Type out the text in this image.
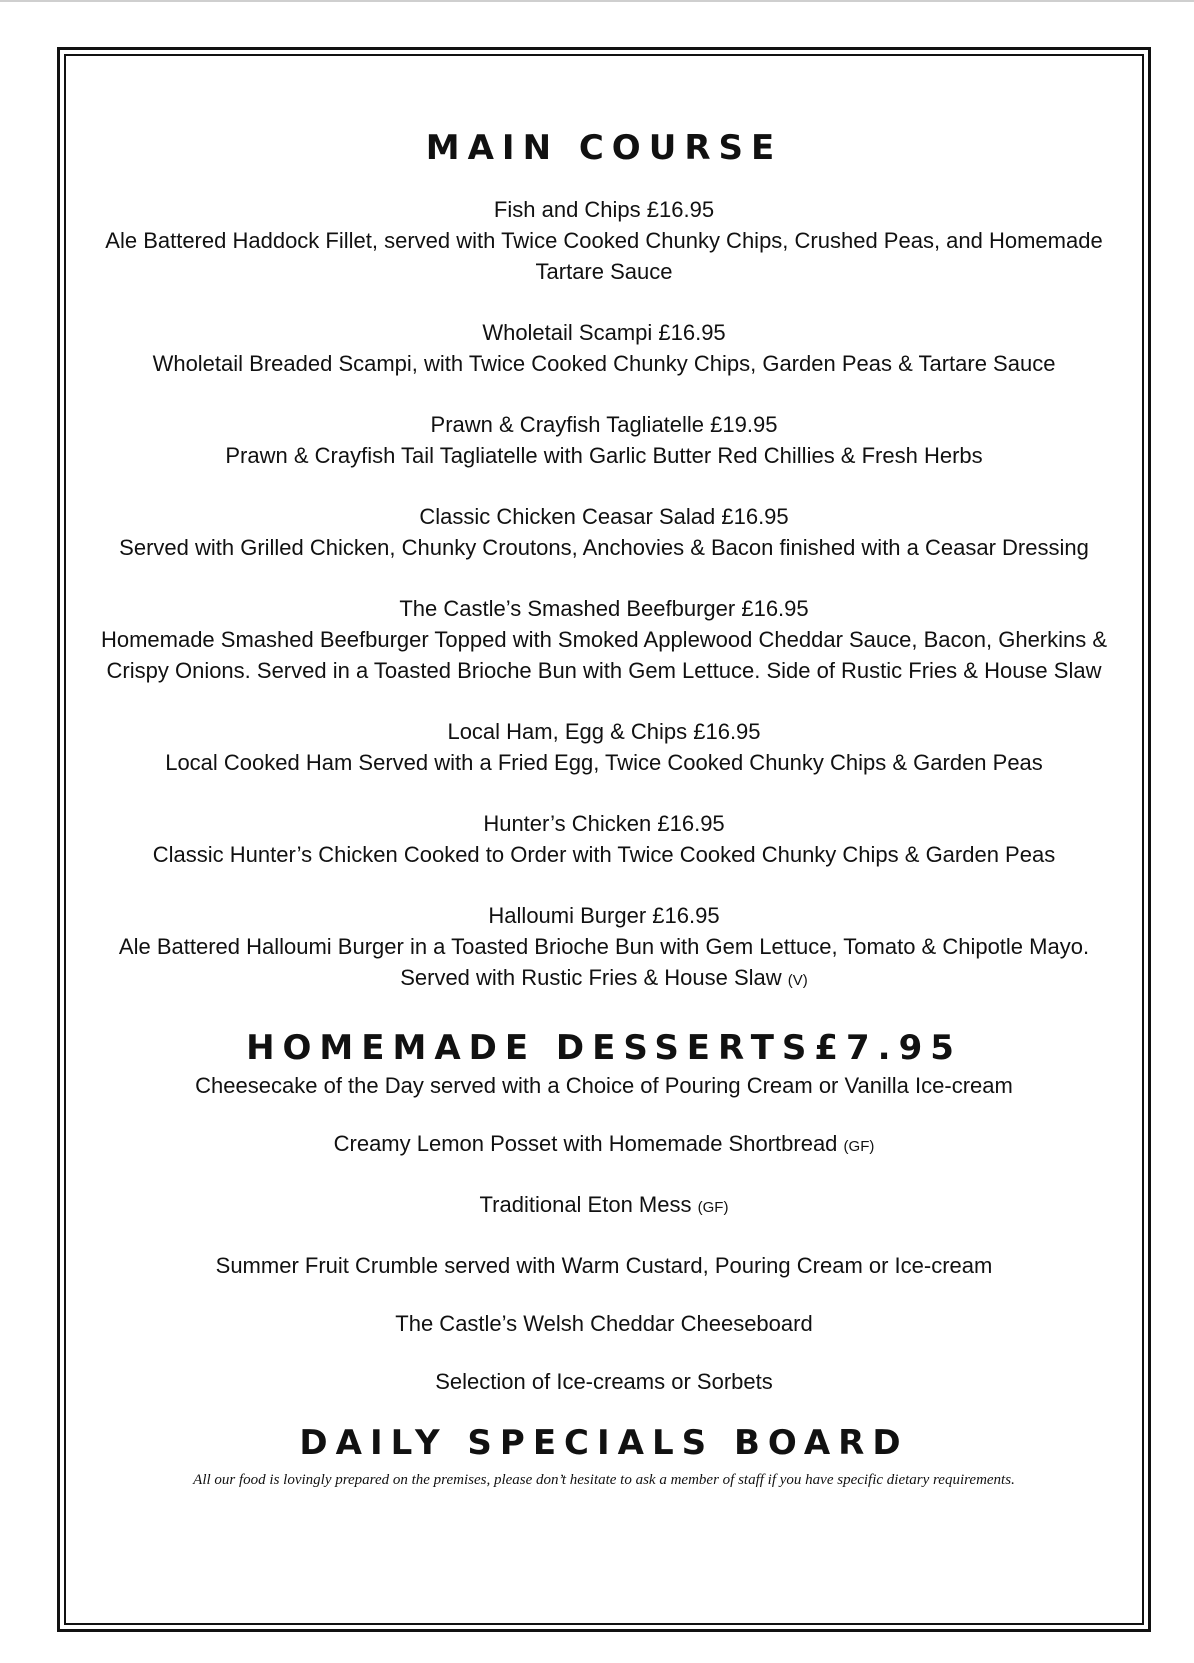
MAIN COURSE

Fish and Chips £16.95

Ale Battered Haddock Fillet, served with Twice Cooked Chunky Chips, Crushed Peas, and Homemade Tartare Sauce

Wholetail Scampi £16.95

Wholetail Breaded Scampi, with Twice Cooked Chunky Chips, Garden Peas & Tartare Sauce

Prawn & Crayfish Tagliatelle £19.95

Prawn & Crayfish Tail Tagliatelle with Garlic Butter Red Chillies & Fresh Herbs

Classic Chicken Ceasar Salad £16.95

Served with Grilled Chicken, Chunky Croutons, Anchovies & Bacon finished with a Ceasar Dressing

The Castle’s Smashed Beefburger £16.95

Homemade Smashed Beefburger Topped with Smoked Applewood Cheddar Sauce, Bacon, Gherkins & Crispy Onions. Served in a Toasted Brioche Bun with Gem Lettuce. Side of Rustic Fries & House Slaw

Local Ham, Egg & Chips £16.95

Local Cooked Ham Served with a Fried Egg, Twice Cooked Chunky Chips & Garden Peas

Hunter’s Chicken £16.95

Classic Hunter’s Chicken Cooked to Order with Twice Cooked Chunky Chips & Garden Peas

Halloumi Burger £16.95

Ale Battered Halloumi Burger in a Toasted Brioche Bun with Gem Lettuce, Tomato & Chipotle Mayo. Served with Rustic Fries & House Slaw (V)

HOMEMADE DESSERTS£7.95

Cheesecake of the Day served with a Choice of Pouring Cream or Vanilla Ice-cream

Creamy Lemon Posset with Homemade Shortbread (GF)

Traditional Eton Mess (GF)

Summer Fruit Crumble served with Warm Custard, Pouring Cream or Ice-cream

The Castle’s Welsh Cheddar Cheeseboard

Selection of Ice-creams or Sorbets

DAILY SPECIALS BOARD

All our food is lovingly prepared on the premises, please don’t hesitate to ask a member of staff if you have specific dietary requirements.
